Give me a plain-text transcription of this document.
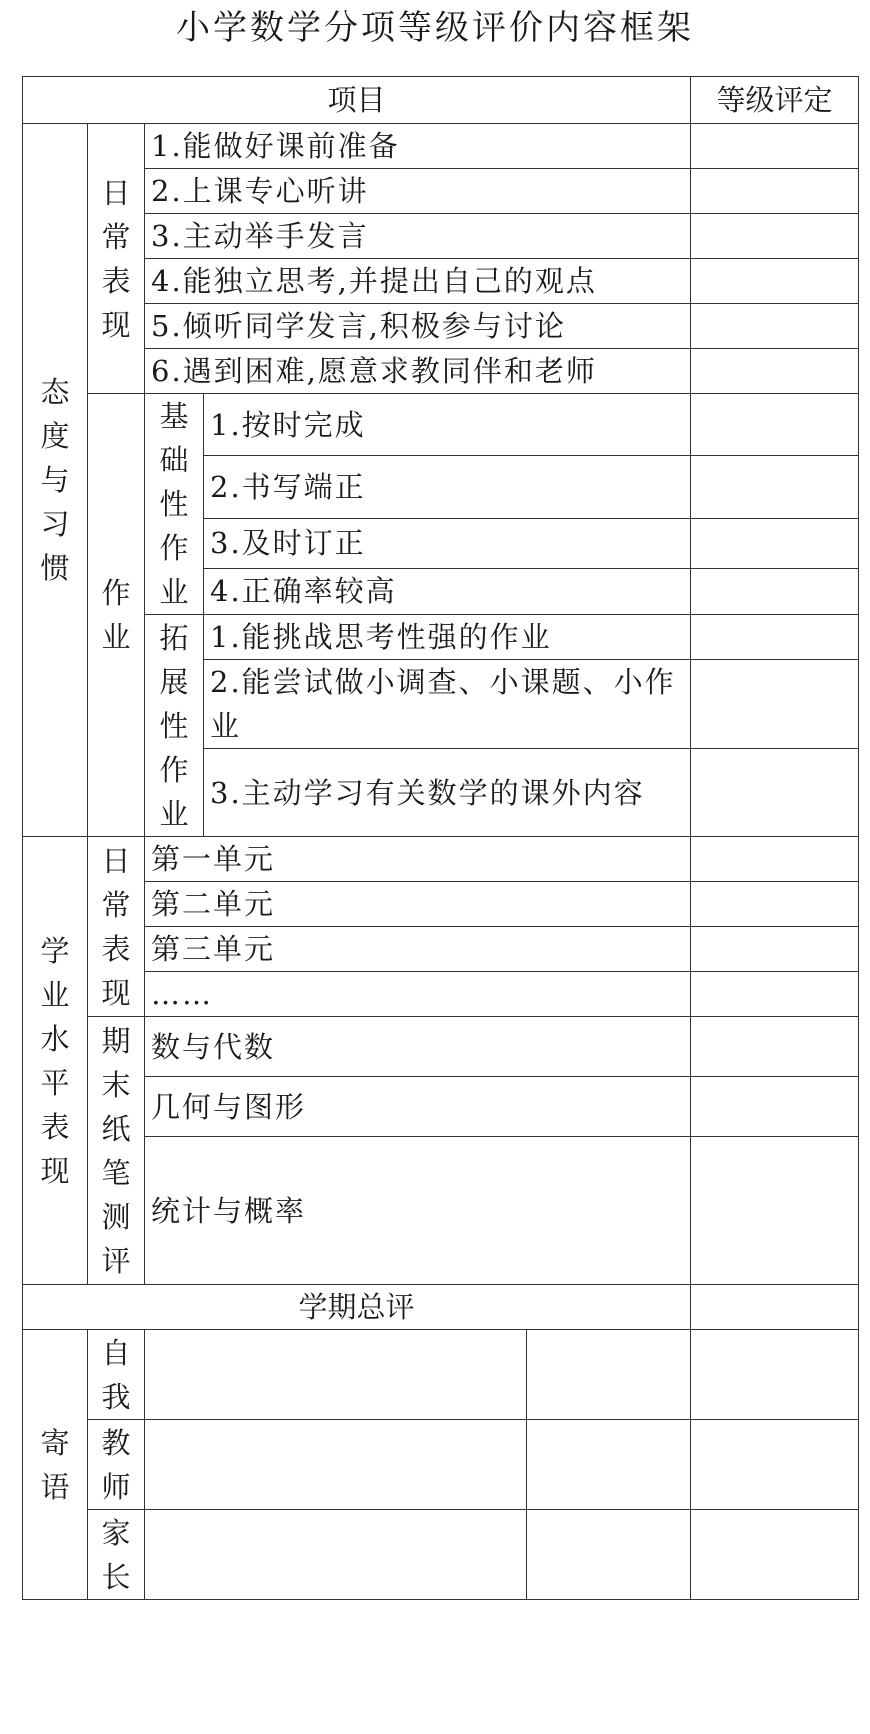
小学数学分项等级评价内容框架
项目					等级评定
态度与习惯	日常表现	1.能做好课前准备			
		2.上课专心听讲			
		3.主动举手发言			
		4.能独立思考,并提出自己的观点			
		5.倾听同学发言,积极参与讨论			
		6.遇到困难,愿意求教同伴和老师			
	作业	基础性作业	1.按时完成		
			2.书写端正		
			3.及时订正		
			4.正确率较高		
		拓展性作业	1.能挑战思考性强的作业		
			2.能尝试做小调查、小课题、小作业		

			3.主动学习有关数学的课外内容		

学业水平表现	日常表现	第一单元			
		第二单元			
		第三单元			
		……			
	期末纸笔测评	数与代数			
		几何与图形			
		统计与概率			
学期总评					
寄语	自我				
	教师				
	家长				
